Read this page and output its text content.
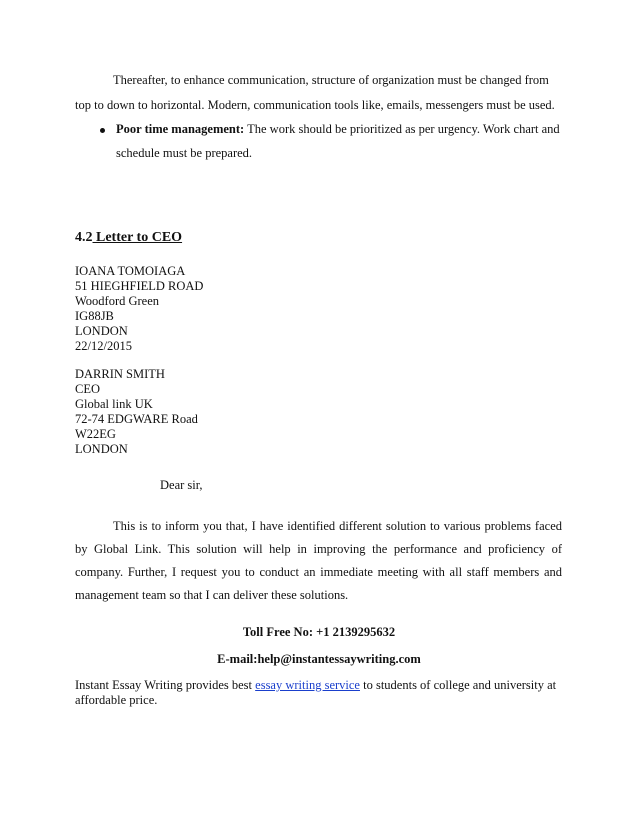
Thereafter, to enhance communication, structure of organization must be changed from
top to down to horizontal. Modern, communication tools like, emails, messengers must be used.
Poor time management: The work should be prioritized as per urgency. Work chart and
schedule must be prepared.
4.2 Letter to CEO
IOANA TOMOIAGA
51 HIEGHFIELD ROAD
Woodford Green
IG88JB
LONDON
22/12/2015
DARRIN SMITH
CEO
Global link UK
72-74 EDGWARE Road
W22EG
LONDON
Dear sir,
This is to inform you that, I have identified different solution to various problems faced
by Global Link. This solution will help in improving the performance and proficiency of
company. Further, I request you to conduct an immediate meeting with all staff members and
management team so that I can deliver these solutions.
Toll Free No: +1 2139295632
E-mail:help@instantessaywriting.com
Instant Essay Writing provides best essay writing service to students of college and university at
affordable price.
